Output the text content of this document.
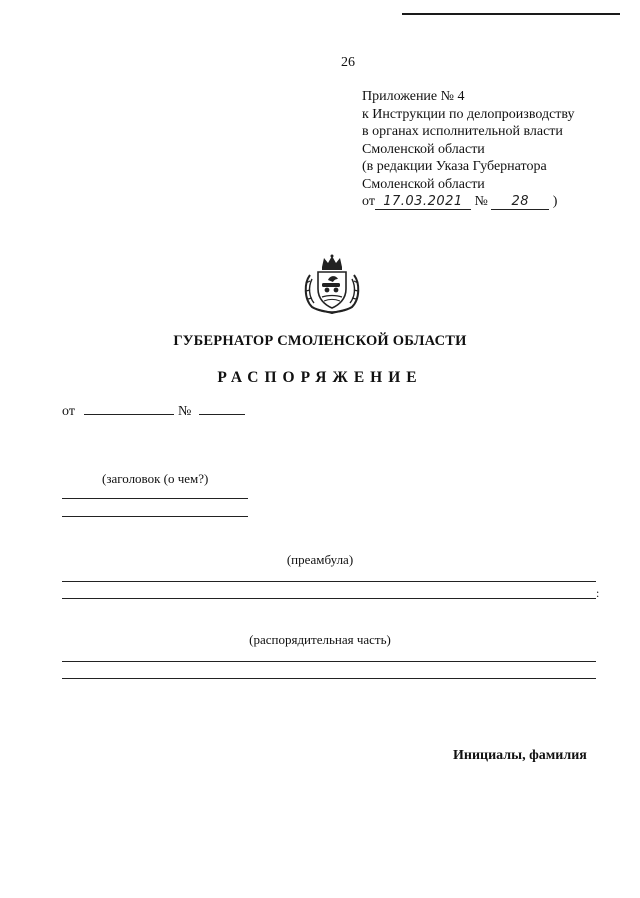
26
Приложение № 4
к Инструкции по делопроизводству
в органах исполнительной власти
Смоленской области
(в редакции Указа Губернатора
Смоленской области
от 17.03.2021 № 28 )
ГУБЕРНАТОР СМОЛЕНСКОЙ ОБЛАСТИ
РАСПОРЯЖЕНИЕ
от	№
(заголовок (о чем?)
(преамбула)
:
(распорядительная часть)
Инициалы, фамилия
